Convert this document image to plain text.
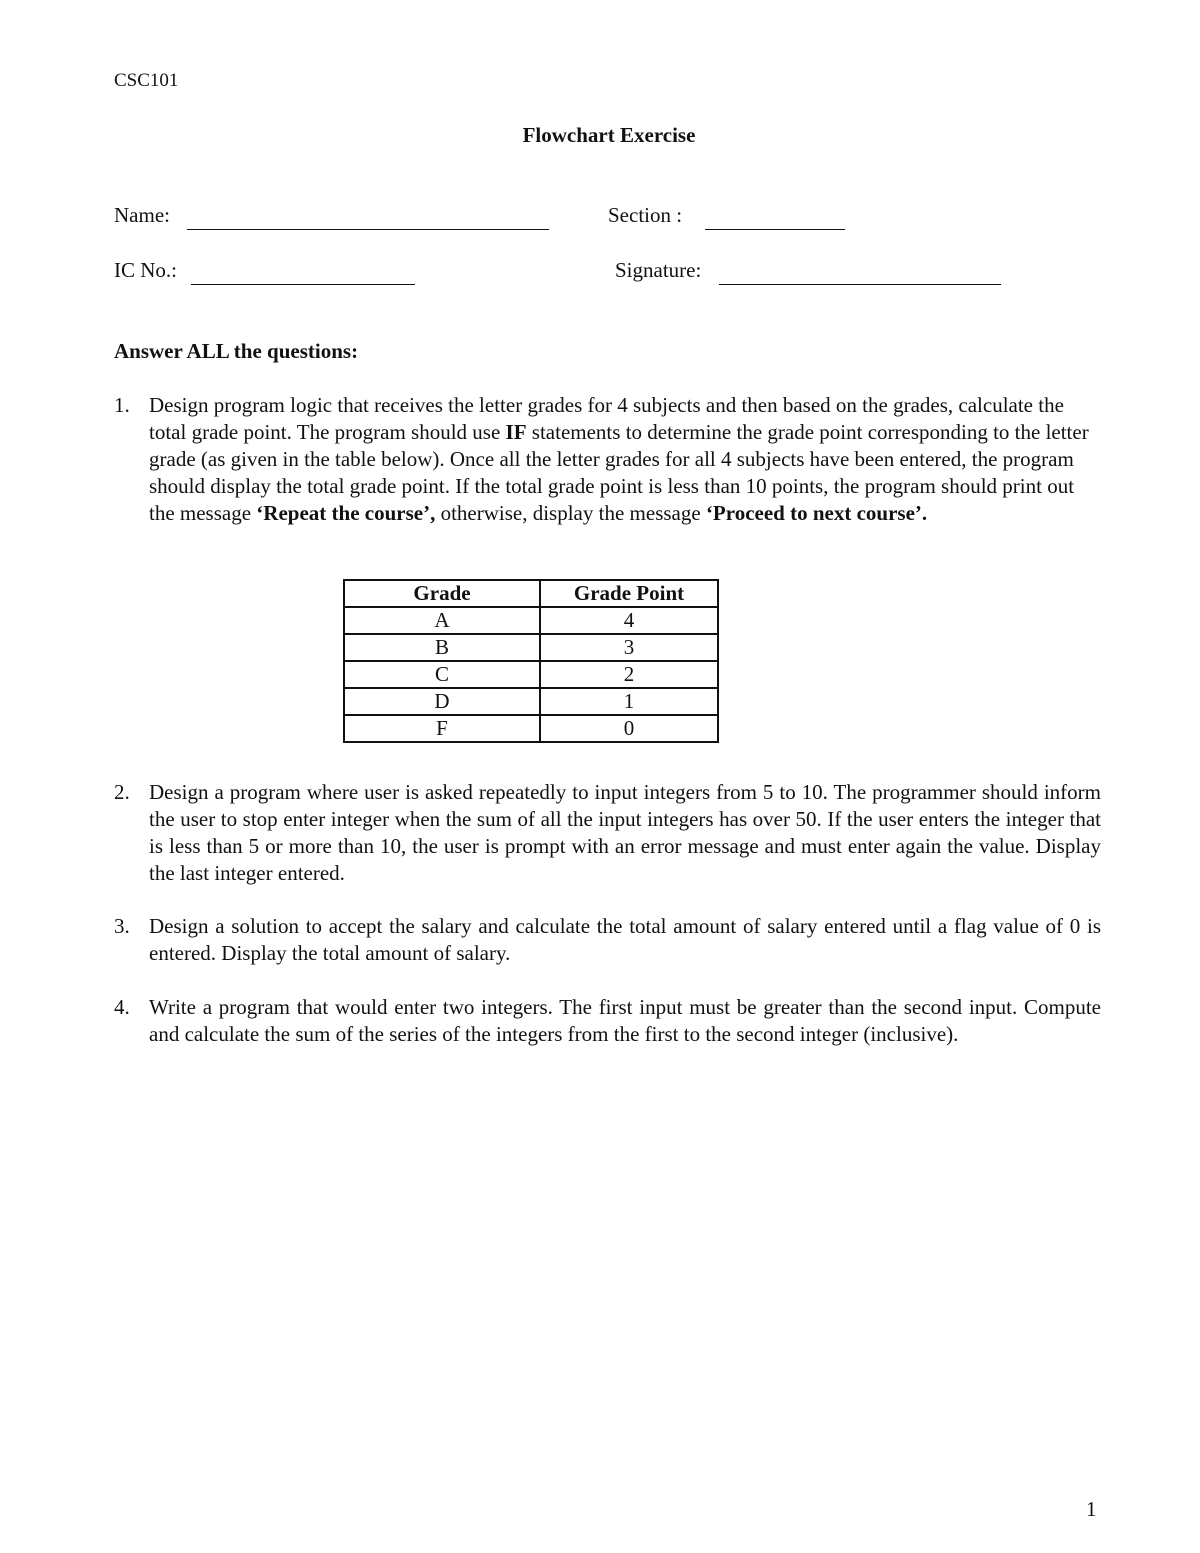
CSC101
Flowchart Exercise
Name:	Section :
IC No.:	Signature:
Answer ALL the questions:
1. Design program logic that receives the letter grades for 4 subjects and then based on the grades, calculate the total grade point. The program should use IF statements to determine the grade point corresponding to the letter grade (as given in the table below). Once all the letter grades for all 4 subjects have been entered, the program should display the total grade point. If the total grade point is less than 10 points, the program should print out the message ‘Repeat the course’, otherwise, display the message ‘Proceed to next course’.
Grade	Grade Point
A	4
B	3
C	2
D	1
F	0
2. Design a program where user is asked repeatedly to input integers from 5 to 10. The programmer should inform the user to stop enter integer when the sum of all the input integers has over 50. If the user enters the integer that is less than 5 or more than 10, the user is prompt with an error message and must enter again the value. Display the last integer entered.
3. Design a solution to accept the salary and calculate the total amount of salary entered until a flag value of 0 is entered. Display the total amount of salary.
4. Write a program that would enter two integers. The first input must be greater than the second input. Compute and calculate the sum of the series of the integers from the first to the second integer (inclusive).
1
